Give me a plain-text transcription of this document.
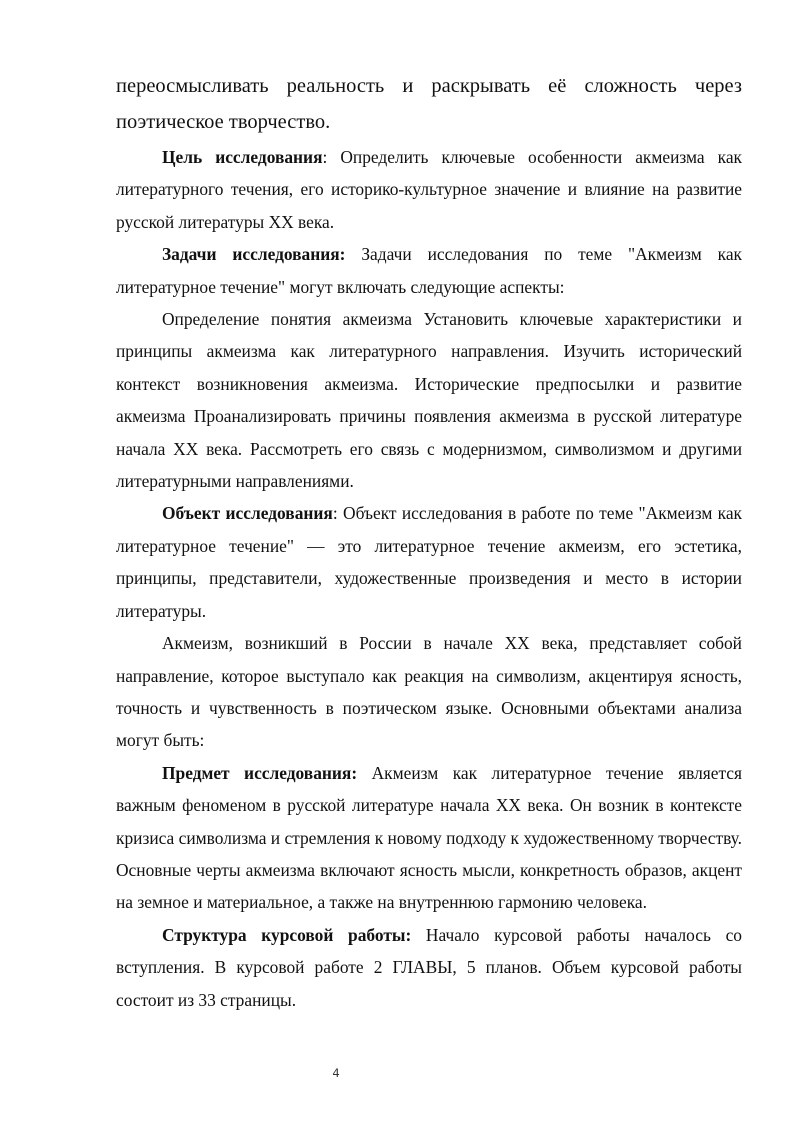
переосмысливать реальность и раскрывать её сложность через поэтическое творчество.

Цель исследования: Определить ключевые особенности акмеизма как литературного течения, его историко-культурное значение и влияние на развитие русской литературы XX века.

Задачи исследования: Задачи исследования по теме "Акмеизм как литературное течение" могут включать следующие аспекты:

Определение понятия акмеизма Установить ключевые характеристики и принципы акмеизма как литературного направления. Изучить исторический контекст возникновения акмеизма. Исторические предпосылки и развитие акмеизма Проанализировать причины появления акмеизма в русской литературе начала XX века. Рассмотреть его связь с модернизмом, символизмом и другими литературными направлениями.

Объект исследования: Объект исследования в работе по теме "Акмеизм как литературное течение" — это литературное течение акмеизм, его эстетика, принципы, представители, художественные произведения и место в истории литературы.

Акмеизм, возникший в России в начале XX века, представляет собой направление, которое выступало как реакция на символизм, акцентируя ясность, точность и чувственность в поэтическом языке. Основными объектами анализа могут быть:

Предмет исследования: Акмеизм как литературное течение является важным феноменом в русской литературе начала XX века. Он возник в контексте кризиса символизма и стремления к новому подходу к художественному творчеству. Основные черты акмеизма включают ясность мысли, конкретность образов, акцент на земное и материальное, а также на внутреннюю гармонию человека.

Структура курсовой работы: Начало курсовой работы началось со вступления. В курсовой работе 2 ГЛАВЫ, 5 планов. Объем курсовой работы состоит из 33 страницы.

4
